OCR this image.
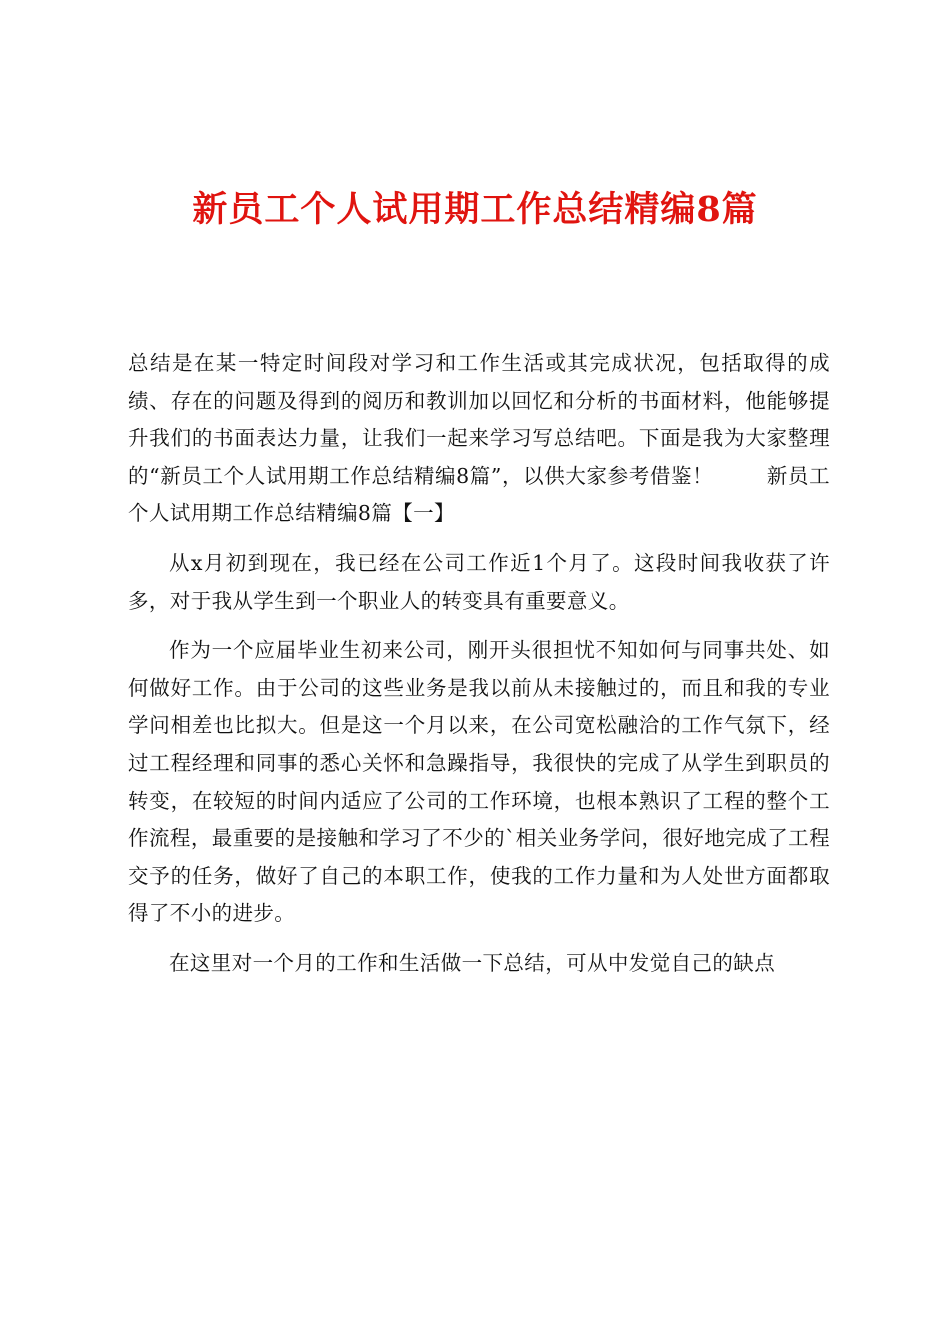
新员工个人试用期工作总结精编8篇

总结是在某一特定时间段对学习和工作生活或其完成状况，包括取得的成绩、存在的问题及得到的阅历和教训加以回忆和分析的书面材料，他能够提升我们的书面表达力量，让我们一起来学习写总结吧。下面是我为大家整理的“新员工个人试用期工作总结精编8篇”，以供大家参考借鉴！	新员工个人试用期工作总结精编8篇【一】

从x月初到现在，我已经在公司工作近1个月了。这段时间我收获了许多，对于我从学生到一个职业人的转变具有重要意义。

作为一个应届毕业生初来公司，刚开头很担忧不知如何与同事共处、如何做好工作。由于公司的这些业务是我以前从未接触过的，而且和我的专业学问相差也比拟大。但是这一个月以来，在公司宽松融洽的工作气氛下，经过工程经理和同事的悉心关怀和急躁指导，我很快的完成了从学生到职员的转变，在较短的时间内适应了公司的工作环境，也根本熟识了工程的整个工作流程，最重要的是接触和学习了不少的`相关业务学问，很好地完成了工程交予的任务，做好了自己的本职工作，使我的工作力量和为人处世方面都取得了不小的进步。

在这里对一个月的工作和生活做一下总结，可从中发觉自己的缺点
